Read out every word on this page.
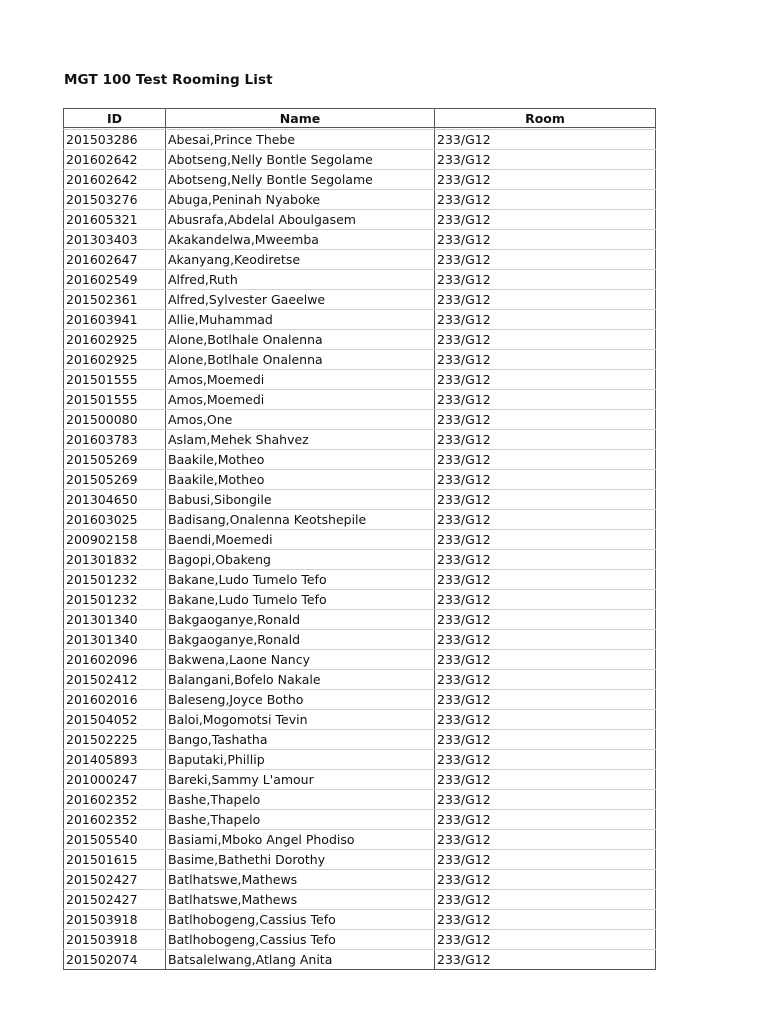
MGT 100 Test Rooming List
ID	Name	Room

201503286	Abesai,Prince Thebe	233/G12
201602642	Abotseng,Nelly Bontle Segolame	233/G12
201602642	Abotseng,Nelly Bontle Segolame	233/G12
201503276	Abuga,Peninah Nyaboke	233/G12
201605321	Abusrafa,Abdelal Aboulgasem	233/G12
201303403	Akakandelwa,Mweemba	233/G12
201602647	Akanyang,Keodiretse	233/G12
201602549	Alfred,Ruth	233/G12
201502361	Alfred,Sylvester Gaeelwe	233/G12
201603941	Allie,Muhammad	233/G12
201602925	Alone,Botlhale Onalenna	233/G12
201602925	Alone,Botlhale Onalenna	233/G12
201501555	Amos,Moemedi	233/G12
201501555	Amos,Moemedi	233/G12
201500080	Amos,One	233/G12
201603783	Aslam,Mehek Shahvez	233/G12
201505269	Baakile,Motheo	233/G12
201505269	Baakile,Motheo	233/G12
201304650	Babusi,Sibongile	233/G12
201603025	Badisang,Onalenna Keotshepile	233/G12
200902158	Baendi,Moemedi	233/G12
201301832	Bagopi,Obakeng	233/G12
201501232	Bakane,Ludo Tumelo Tefo	233/G12
201501232	Bakane,Ludo Tumelo Tefo	233/G12
201301340	Bakgaoganye,Ronald	233/G12
201301340	Bakgaoganye,Ronald	233/G12
201602096	Bakwena,Laone Nancy	233/G12
201502412	Balangani,Bofelo Nakale	233/G12
201602016	Baleseng,Joyce Botho	233/G12
201504052	Baloi,Mogomotsi Tevin	233/G12
201502225	Bango,Tashatha	233/G12
201405893	Baputaki,Phillip	233/G12
201000247	Bareki,Sammy L'amour	233/G12
201602352	Bashe,Thapelo	233/G12
201602352	Bashe,Thapelo	233/G12
201505540	Basiami,Mboko Angel Phodiso	233/G12
201501615	Basime,Bathethi Dorothy	233/G12
201502427	Batlhatswe,Mathews	233/G12
201502427	Batlhatswe,Mathews	233/G12
201503918	Batlhobogeng,Cassius Tefo	233/G12
201503918	Batlhobogeng,Cassius Tefo	233/G12
201502074	Batsalelwang,Atlang Anita	233/G12
